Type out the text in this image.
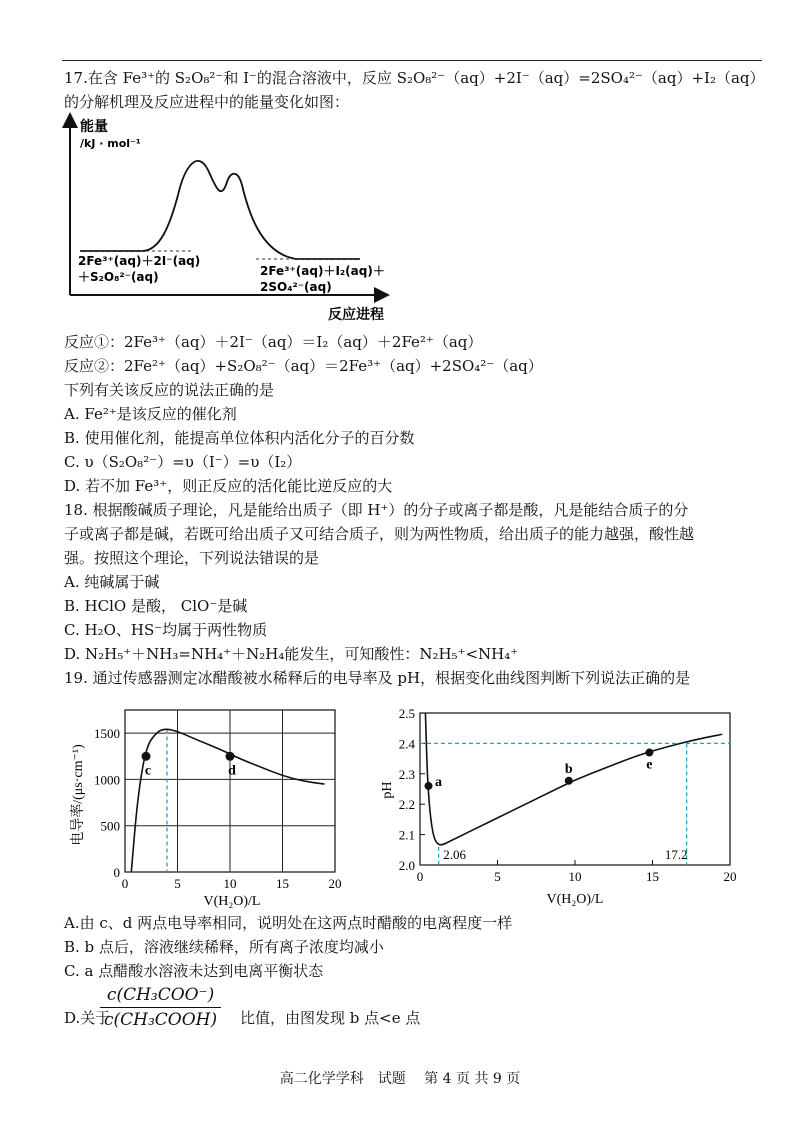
17.在含 Fe³⁺的 S₂O₈²⁻和 I⁻的混合溶液中，反应 S₂O₈²⁻（aq）+2I⁻（aq）=2SO₄²⁻（aq）+I₂（aq）
的分解机理及反应进程中的能量变化如图：
能量
/kJ · mol⁻¹
2Fe³⁺(aq)＋2I⁻(aq)
＋S₂O₈²⁻(aq)	2Fe³⁺(aq)＋I₂(aq)＋
2SO₄²⁻(aq)
反应进程
反应①：2Fe³⁺（aq）＋2I⁻（aq）＝I₂（aq）＋2Fe²⁺（aq）
反应②：2Fe²⁺（aq）+S₂O₈²⁻（aq）＝2Fe³⁺（aq）+2SO₄²⁻（aq）
下列有关该反应的说法正确的是
A. Fe²⁺是该反应的催化剂
B. 使用催化剂，能提高单位体积内活化分子的百分数
C. υ（S₂O₈²⁻）=υ（I⁻）=υ（I₂）
D. 若不加 Fe³⁺，则正反应的活化能比逆反应的大
18. 根据酸碱质子理论，凡是能给出质子（即 H⁺）的分子或离子都是酸，凡是能结合质子的分
子或离子都是碱，若既可给出质子又可结合质子，则为两性物质，给出质子的能力越强，酸性越
强。按照这个理论，下列说法错误的是
A. 纯碱属于碱
B. HClO 是酸， ClO⁻是碱
C. H₂O、HS⁻均属于两性物质
D. N₂H₅⁺＋NH₃=NH₄⁺＋N₂H₄能发生，可知酸性：N₂H₅⁺<NH₄⁺
19. 通过传感器测定冰醋酸被水稀释后的电导率及 pH，根据变化曲线图判断下列说法正确的是
0	5	10	15	20
0
500
1000
1500
c	d
V(H₂O)/L
电导率/(μs·cm⁻¹)
0	5	10	15	20
2.0
2.1
2.2
2.3
2.4
2.5
a
b	e
2.06	17.2
V(H₂O)/L
pH
A.由 c、d 两点电导率相同，说明处在这两点时醋酸的电离程度一样
B. b 点后，溶液继续稀释，所有离子浓度均减小
C. a 点醋酸水溶液未达到电离平衡状态
D.关于
c(CH₃COO⁻)
c(CH₃COOH) 比值，由图发现 b 点<e 点
高二化学学科　试题　 第 4 页 共 9 页
